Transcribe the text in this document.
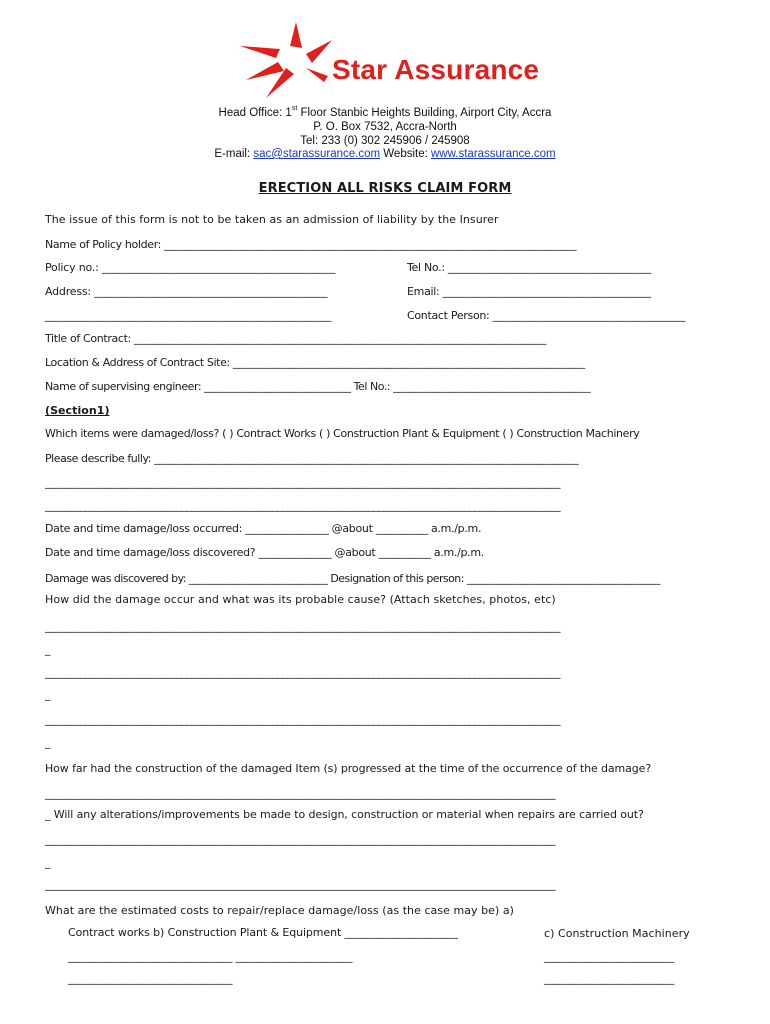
Star Assurance
Head Office: 1st Floor Stanbic Heights Building, Airport City, Accra
P. O. Box 7532, Accra-North
Tel: 233 (0) 302 245906 / 245908
E-mail: sac@starassurance.com Website: www.starassurance.com
ERECTION ALL RISKS CLAIM FORM
The issue of this form is not to be taken as an admission of liability by the Insurer
Name of Policy holder: ________________________________________________________________________________
Policy no.: ____________________________________________	Tel No.: _______________________________________
Address: ____________________________________________	Email: ________________________________________
______________________________________________________	Contact Person: _____________________________________
Title of Contract: ________________________________________________________________________________
Location & Address of Contract Site: _____________________________________________________________________
Name of supervising engineer: _____________________________ Tel No.: _______________________________________
(Section1)
Which items were damaged/loss? ( ) Contract Works ( ) Construction Plant & Equipment ( ) Construction Machinery
Please describe fully: ____________________________________________________________________________________
______________________________________________________________________________________________________
______________________________________________________________________________________________________
Date and time damage/loss occurred: ________________ @about __________ a.m./p.m.
Date and time damage/loss discovered? ______________ @about __________ a.m./p.m.
Damage was discovered by: ____________________________ Designation of this person: _______________________________________
How did the damage occur and what was its probable cause? (Attach sketches, photos, etc)
______________________________________________________________________________________________________
_
______________________________________________________________________________________________________
_
______________________________________________________________________________________________________
_
How far had the construction of the damaged Item (s) progressed at the time of the occurrence of the damage?
______________________________________________________________________________________________________
_ Will any alterations/improvements be made to design, construction or material when repairs are carried out?
______________________________________________________________________________________________________
_
______________________________________________________________________________________________________
What are the estimated costs to repair/replace damage/loss (as the case may be) a)
Contract works b) Construction Plant & Equipment _____________________	c) Construction Machinery
_______________________________ ______________________	_________________________
_______________________________	_________________________
